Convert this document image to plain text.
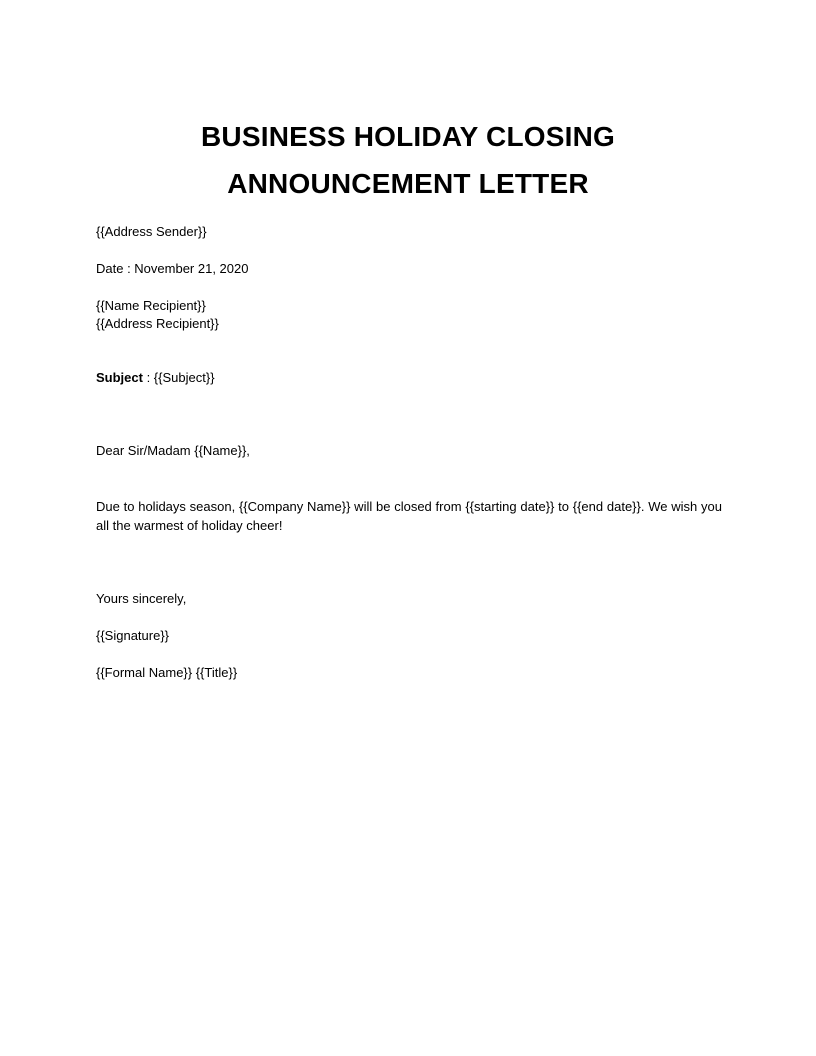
BUSINESS HOLIDAY CLOSING
ANNOUNCEMENT LETTER
{{Address Sender}}
Date : November 21, 2020
{{Name Recipient}}
{{Address Recipient}}
Subject : {{Subject}}
Dear Sir/Madam {{Name}},
Due to holidays season, {{Company Name}} will be closed from {{starting date}} to {{end date}}. We wish you all the warmest of holiday cheer!
Yours sincerely,
{{Signature}}
{{Formal Name}} {{Title}}
